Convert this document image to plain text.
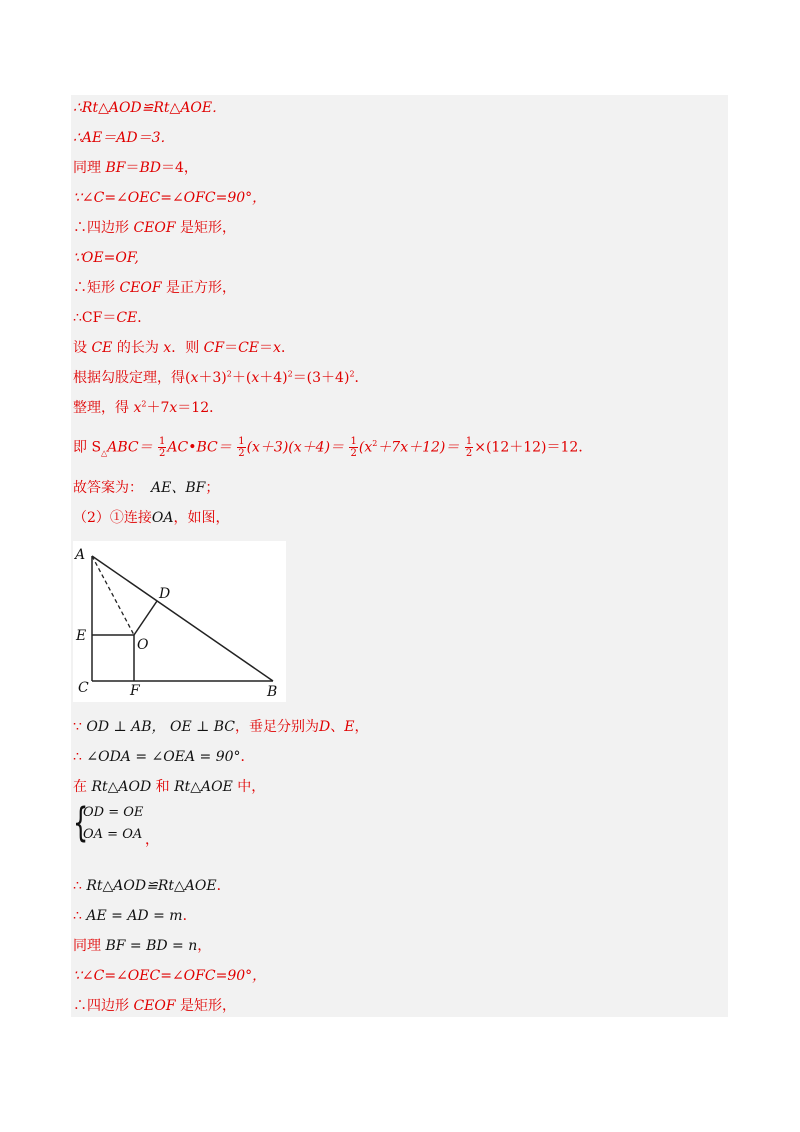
∴Rt△AOD≌Rt△AOE．
∴AE＝AD＝3．
同理 BF＝BD＝4，
∵∠C=∠OEC=∠OFC=90°，
∴四边形 CEOF 是矩形，
∵OE=OF,
∴矩形 CEOF 是正方形，
∴CF＝CE．
设 CE 的长为 x．则 CF＝CE＝x．
根据勾股定理，得$(x+3)^2+(x+4)^2=(3+4)^2$．
整理，得 $x^2+7x=12$．
即 $S_\triangle ABC= \frac{1}{2}$ AC•BC＝ $\frac{1}{2} (x+3)(x+4)= \frac{1}{2} (x^2+7x+12)= \frac{1}{2} \times(12+12)=12$．
故答案为： AE、BF；
（2）①连接OA，如图，
A
D
E
O
C	F	B
∵ OD ⊥ AB， OE ⊥ BC，垂足分别为D、E，
∴ ∠ODA = ∠OEA = 90°．
在 Rt△AOD 和 Rt△AOE 中，
{
OD = OE
OA = OA ，
∴ Rt△AOD≌Rt△AOE．
∴ AE = AD = m．
同理 BF = BD = n，
∵∠C=∠OEC=∠OFC=90°，
∴四边形 CEOF 是矩形，
